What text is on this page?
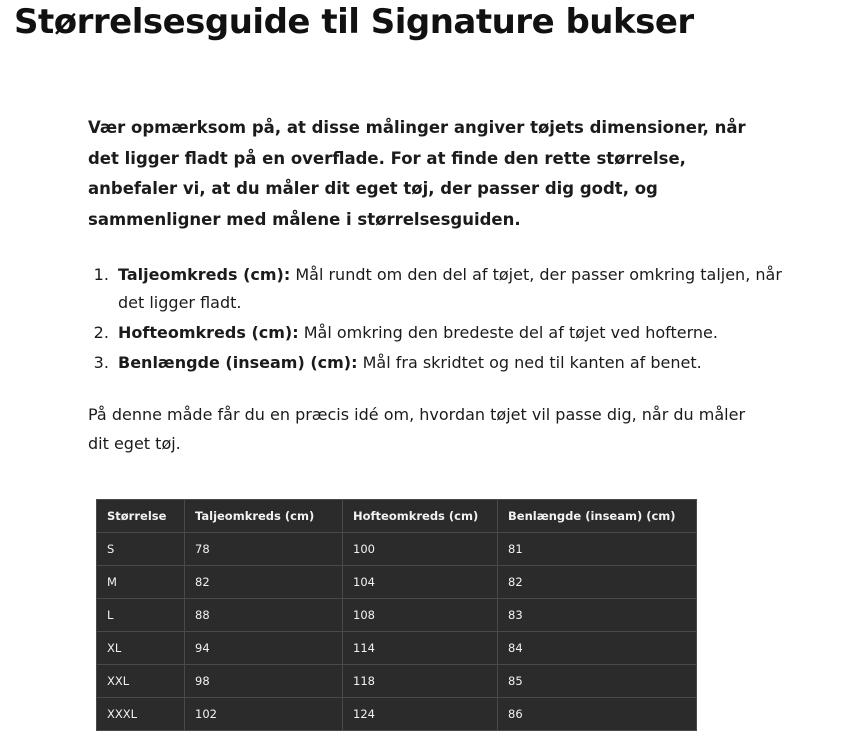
Størrelsesguide til Signature bukser

Vær opmærksom på, at disse målinger angiver tøjets dimensioner, når det ligger fladt på en overflade. For at finde den rette størrelse, anbefaler vi, at du måler dit eget tøj, der passer dig godt, og sammenligner med målene i størrelsesguiden.

1. Taljeomkreds (cm): Mål rundt om den del af tøjet, der passer omkring taljen, når det ligger fladt.
2. Hofteomkreds (cm): Mål omkring den bredeste del af tøjet ved hofterne.
3. Benlængde (inseam) (cm): Mål fra skridtet og ned til kanten af benet.

På denne måde får du en præcis idé om, hvordan tøjet vil passe dig, når du måler dit eget tøj.

Størrelse	Taljeomkreds (cm)	Hofteomkreds (cm)	Benlængde (inseam) (cm)
S	78	100	81
M	82	104	82
L	88	108	83
XL	94	114	84
XXL	98	118	85
XXXL	102	124	86
